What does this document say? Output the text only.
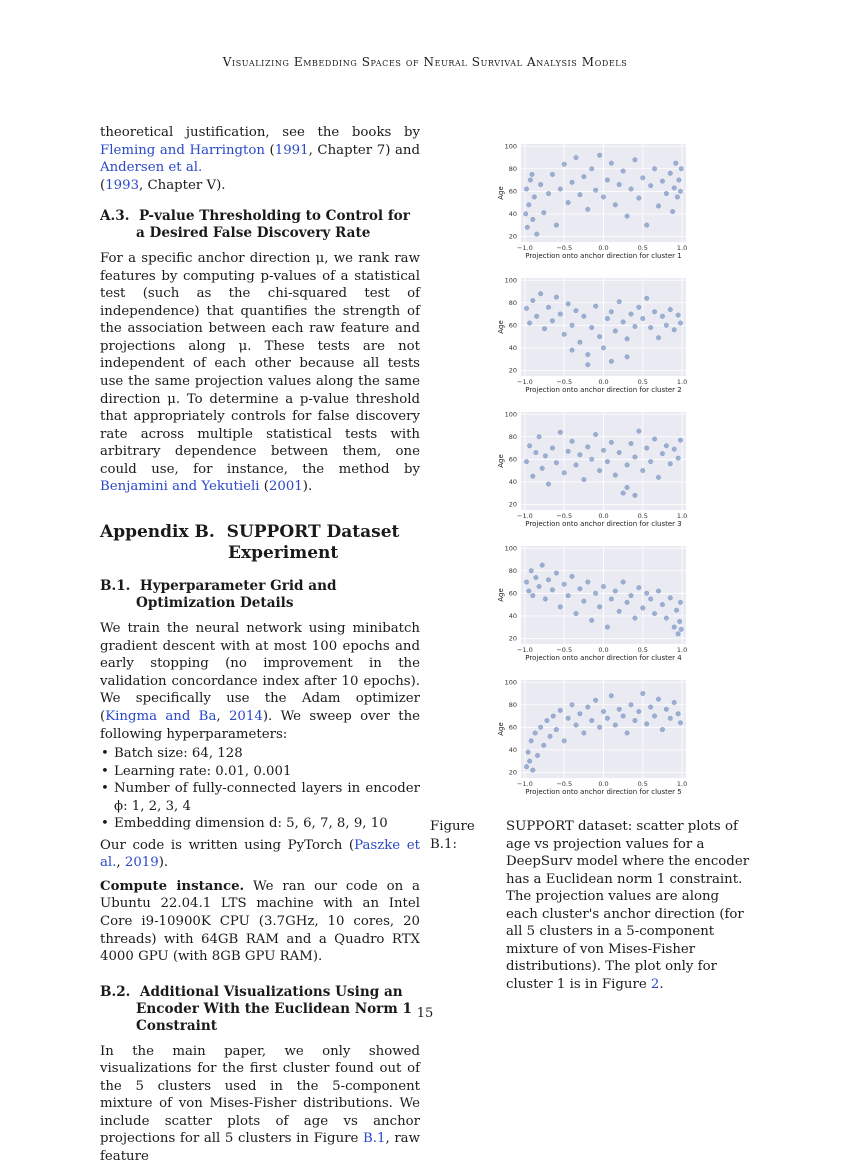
Visualizing Embedding Spaces of Neural Survival Analysis Models

theoretical justification, see the books by Fleming and Harrington (1991, Chapter 7) and Andersen et al.
(1993, Chapter V).

A.3. P-value Thresholding to Control for a Desired False Discovery Rate

For a specific anchor direction μ, we rank raw features by computing p-values of a statistical test (such as the chi-squared test of independence) that quantifies the strength of the association between each raw feature and projections along μ. These tests are not independent of each other because all tests use the same projection values along the same direction μ. To determine a p-value threshold that appropriately controls for false discovery rate across multiple statistical tests with arbitrary dependence between them, one could use, for instance, the method by Benjamini and Yekutieli (2001).

Appendix B. SUPPORT Dataset
Experiment
B.1. Hyperparameter Grid and Optimization Details

We train the neural network using minibatch gradient descent with at most 100 epochs and early stopping (no improvement in the validation concordance index after 10 epochs). We specifically use the Adam optimizer (Kingma and Ba, 2014). We sweep over the following hyperparameters:

• Batch size: 64, 128
• Learning rate: 0.01, 0.001
• Number of fully-connected layers in encoder ϕ: 1, 2, 3, 4
• Embedding dimension d: 5, 6, 7, 8, 9, 10

Our code is written using PyTorch (Paszke et al., 2019).

Compute instance. We ran our code on a Ubuntu 22.04.1 LTS machine with an Intel Core i9-10900K CPU (3.7GHz, 10 cores, 20 threads) with 64GB RAM and a Quadro RTX 4000 GPU (with 8GB GPU RAM).

B.2. Additional Visualizations Using an Encoder With the Euclidean Norm 1 Constraint

In the main paper, we only showed visualizations for the first cluster found out of the 5 clusters used in the 5-component mixture of von Mises-Fisher distributions. We include scatter plots of age vs anchor projections for all 5 clusters in Figure B.1, raw feature

−1.0	−0.5	0.0	0.5	1.0
20
40
60
80
100
Projection onto anchor direction for cluster 1
Age
−1.0	−0.5	0.0	0.5	1.0
20
40
60
80
100
Projection onto anchor direction for cluster 2
Age
−1.0	−0.5	0.0	0.5	1.0
20
40
60
80
100
Projection onto anchor direction for cluster 3
Age
−1.0	−0.5	0.0	0.5	1.0
20
40
60
80
100
Projection onto anchor direction for cluster 4
Age
−1.0	−0.5	0.0	0.5	1.0
20
40
60
80
100
Projection onto anchor direction for cluster 5
Age
Figure B.1:
SUPPORT dataset: scatter plots of age vs projection values for a DeepSurv model where the encoder has a Euclidean norm 1 constraint. The projection values are along each cluster's anchor direction (for all 5 clusters in a 5-component mixture of von Mises-Fisher distributions). The plot only for cluster 1 is in Figure 2.
15
